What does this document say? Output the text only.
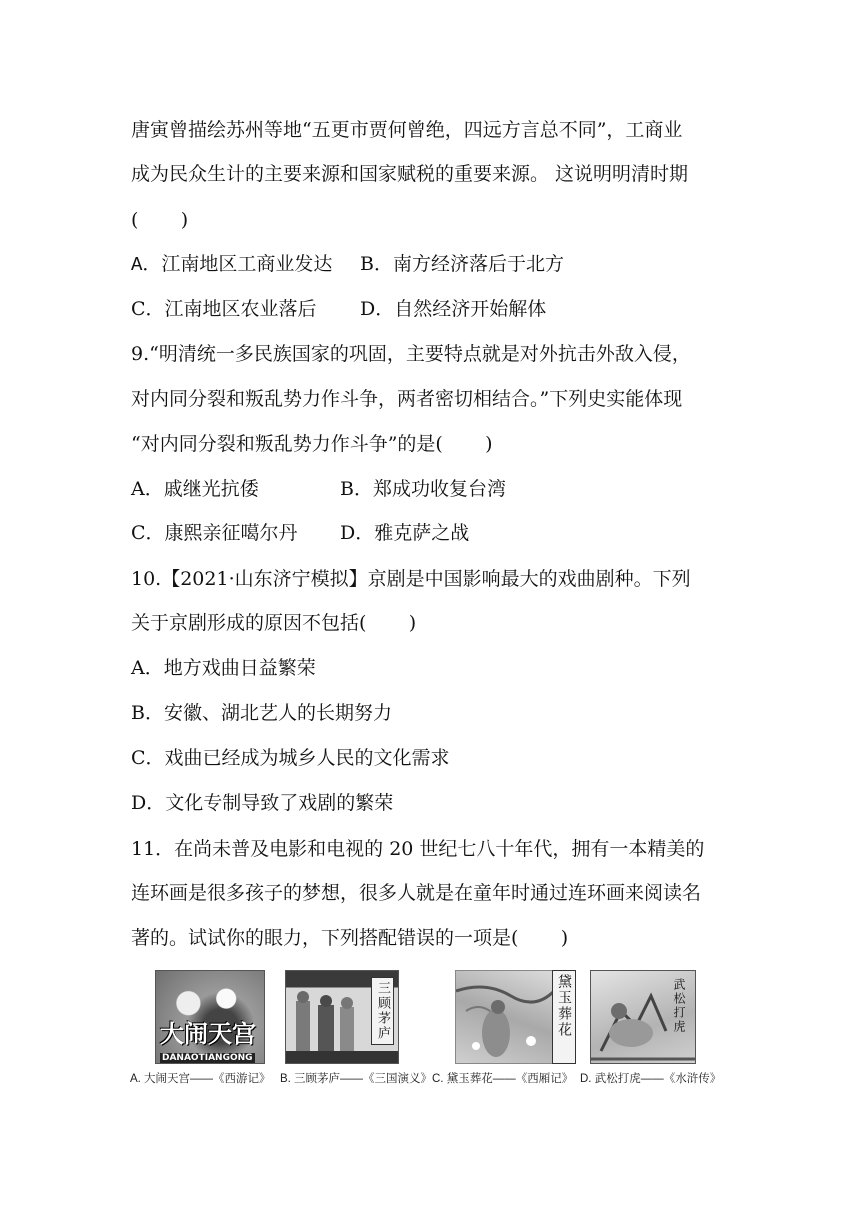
唐寅曾描绘苏州等地“五更市贾何曾绝，四远方言总不同”，工商业
成为民众生计的主要来源和国家赋税的重要来源。 这说明明清时期
(       )
A．江南地区工商业发达 B．南方经济落后于北方
C．江南地区农业落后 D．自然经济开始解体
9.“明清统一多民族国家的巩固，主要特点就是对外抗击外敌入侵，
对内同分裂和叛乱势力作斗争，两者密切相结合。”下列史实能体现
“对内同分裂和叛乱势力作斗争”的是(       )
A．戚继光抗倭	B．郑成功收复台湾
C．康熙亲征噶尔丹 D．雅克萨之战
10.【2021·山东济宁模拟】京剧是中国影响最大的戏曲剧种。下列
关于京剧形成的原因不包括(       )
A．地方戏曲日益繁荣
B．安徽、湖北艺人的长期努力
C．戏曲已经成为城乡人民的文化需求
D．文化专制导致了戏剧的繁荣
11．在尚未普及电影和电视的 20 世纪七八十年代，拥有一本精美的
连环画是很多孩子的梦想，很多人就是在童年时通过连环画来阅读名
著的。试试你的眼力，下列搭配错误的一项是(       )
大闹天宫
DANAOTIANGONG
三顾茅庐	黛玉葬花	武松打虎
A. 大闹天宫——《西游记》 B. 三顾茅庐——《三国演义》 C. 黛玉葬花——《西厢记》 D. 武松打虎——《水浒传》
